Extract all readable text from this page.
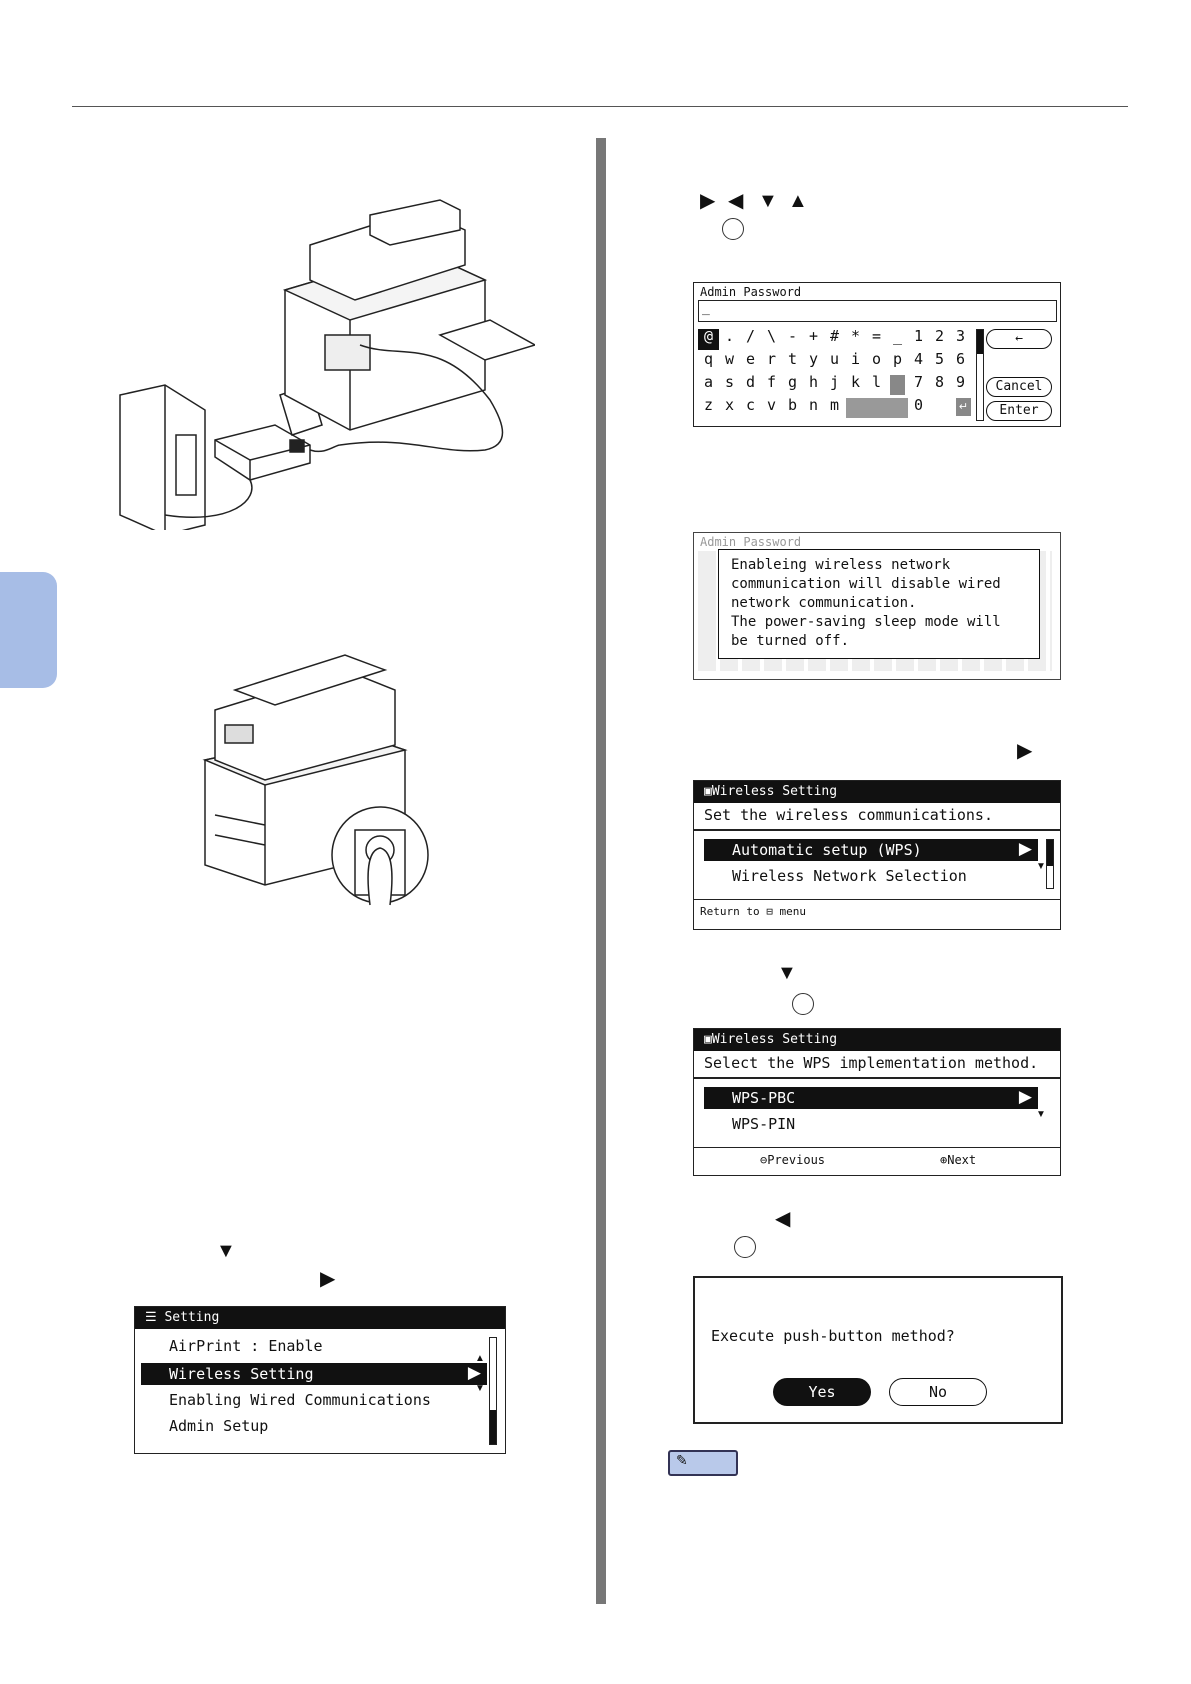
▶ ◀ ▼ ▲
Admin Password
_
@ . / \ - + # * = _ 1 2 3
q w e r t y u i o p 4 5 6
a s d f g h j k l	7 8 9
z x c v b n m	0	↵
←
Cancel
Enter
Admin Password
Enableing wireless network
communication will disable wired
network communication.
The power-saving sleep mode will
be turned off.
▶
▣Wireless Setting
Set the wireless communications.
Automatic setup (WPS)	▶
Wireless Network Selection
▼
Return to ⊟ menu
▼
▣Wireless Setting
Select the WPS implementation method.
WPS-PBC	▶
WPS-PIN
▼
⊖Previous	⊕Next
◀
Execute push-button method?
Yes	No
✎
▼
▶
☰ Setting
AirPrint : Enable
Wireless Setting	▶
Enabling Wired Communications
Admin Setup
▲
▼
